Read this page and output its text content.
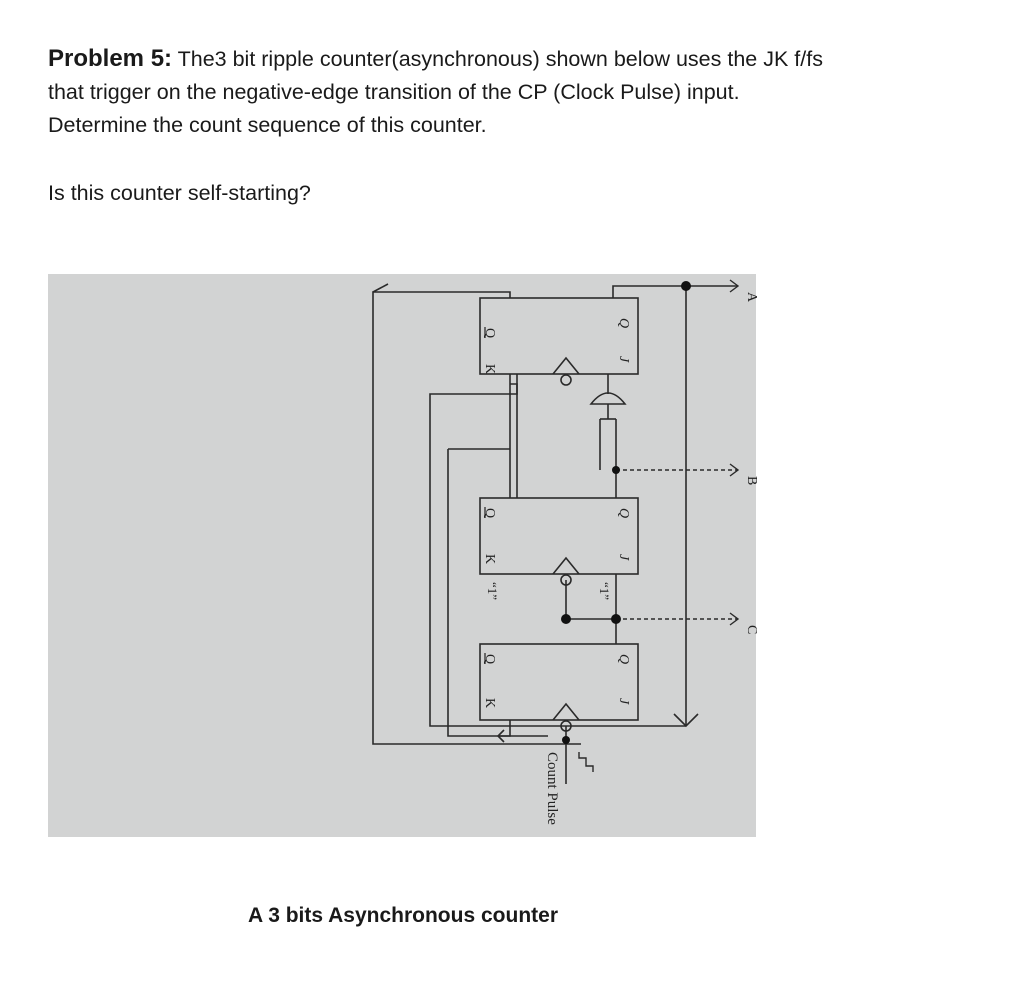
Problem 5: The3 bit ripple counter(asynchronous) shown below uses the JK f/fs

that trigger on the negative-edge transition of the CP (Clock Pulse) input.

Determine the count sequence of this counter.

Is this counter self-starting?
A
B
C
Q
K
Q
J
Q
K
Q
J
Q
K
Q
J
“1”	“1”
Count Pulse
A 3 bits Asynchronous counter
